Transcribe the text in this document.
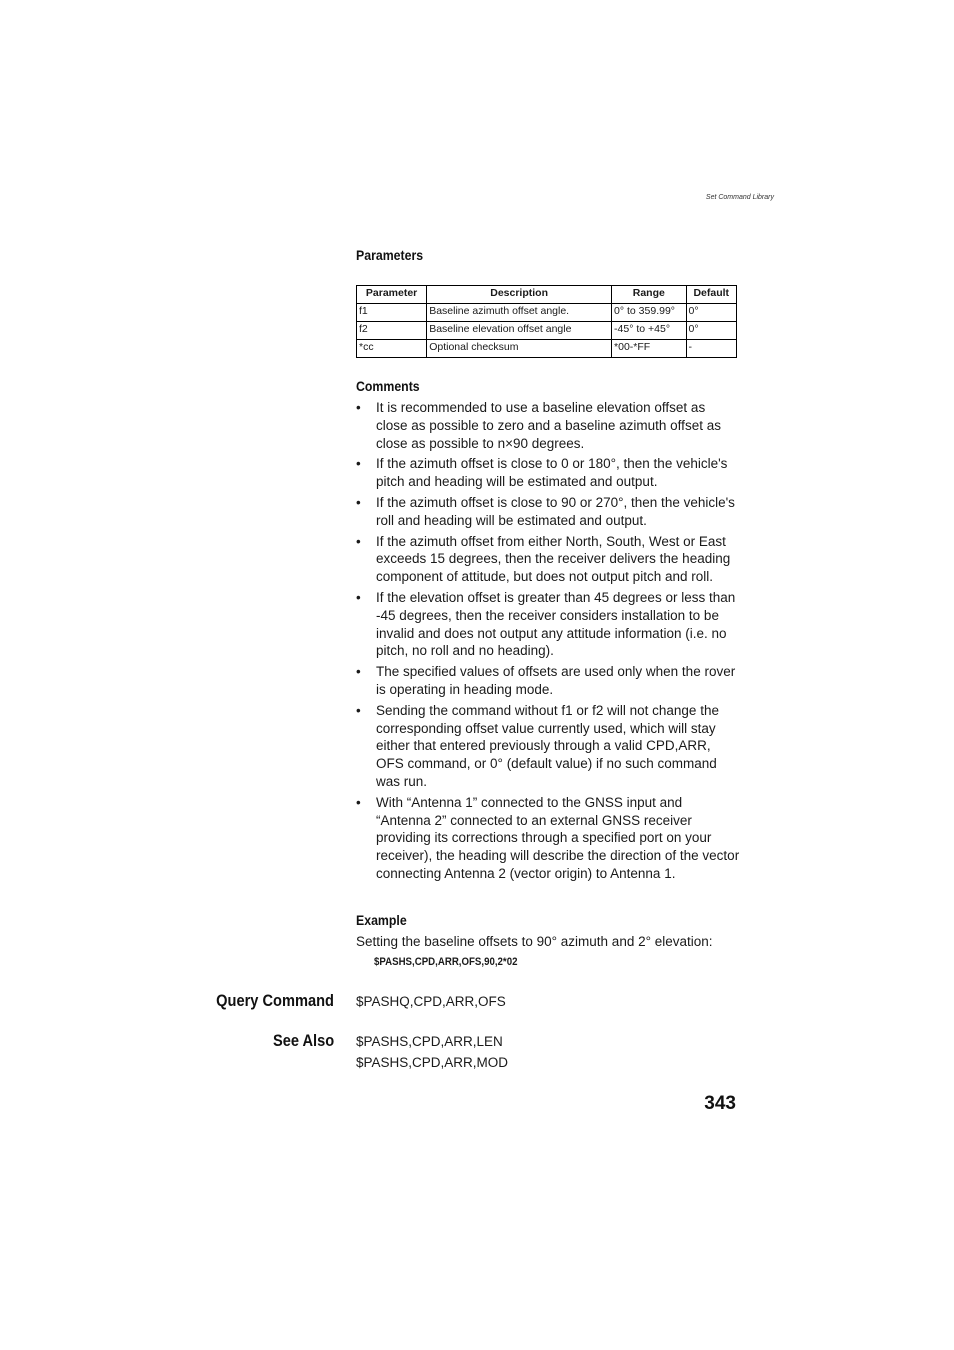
Set Command Library
Parameters
Parameter	Description	Range	Default
f1	Baseline azimuth offset angle.	0° to 359.99°	0°
f2	Baseline elevation offset angle	-45° to +45°	0°
*cc	Optional checksum	*00-*FF	-
Comments
• It is recommended to use a baseline elevation offset as close as possible to zero and a baseline azimuth offset as close as possible to n×90 degrees.
• If the azimuth offset is close to 0 or 180°, then the vehicle's pitch and heading will be estimated and output.
• If the azimuth offset is close to 90 or 270°, then the vehicle's roll and heading will be estimated and output.
• If the azimuth offset from either North, South, West or East exceeds 15 degrees, then the receiver delivers the heading component of attitude, but does not output pitch and roll.
• If the elevation offset is greater than 45 degrees or less than -45 degrees, then the receiver considers installation to be invalid and does not output any attitude information (i.e. no pitch, no roll and no heading).
• The specified values of offsets are used only when the rover is operating in heading mode.
• Sending the command without f1 or f2 will not change the corresponding offset value currently used, which will stay either that entered previously through a valid CPD,ARR, OFS command, or 0° (default value) if no such command was run.
• With “Antenna 1” connected to the GNSS input and “Antenna 2” connected to an external GNSS receiver providing its corrections through a specified port on your receiver), the heading will describe the direction of the vector connecting Antenna 2 (vector origin) to Antenna 1.
Example
Setting the baseline offsets to 90° azimuth and 2° elevation:
$PASHS,CPD,ARR,OFS,90,2*02
Query Command $PASHQ,CPD,ARR,OFS
See Also $PASHS,CPD,ARR,LEN
$PASHS,CPD,ARR,MOD
343
